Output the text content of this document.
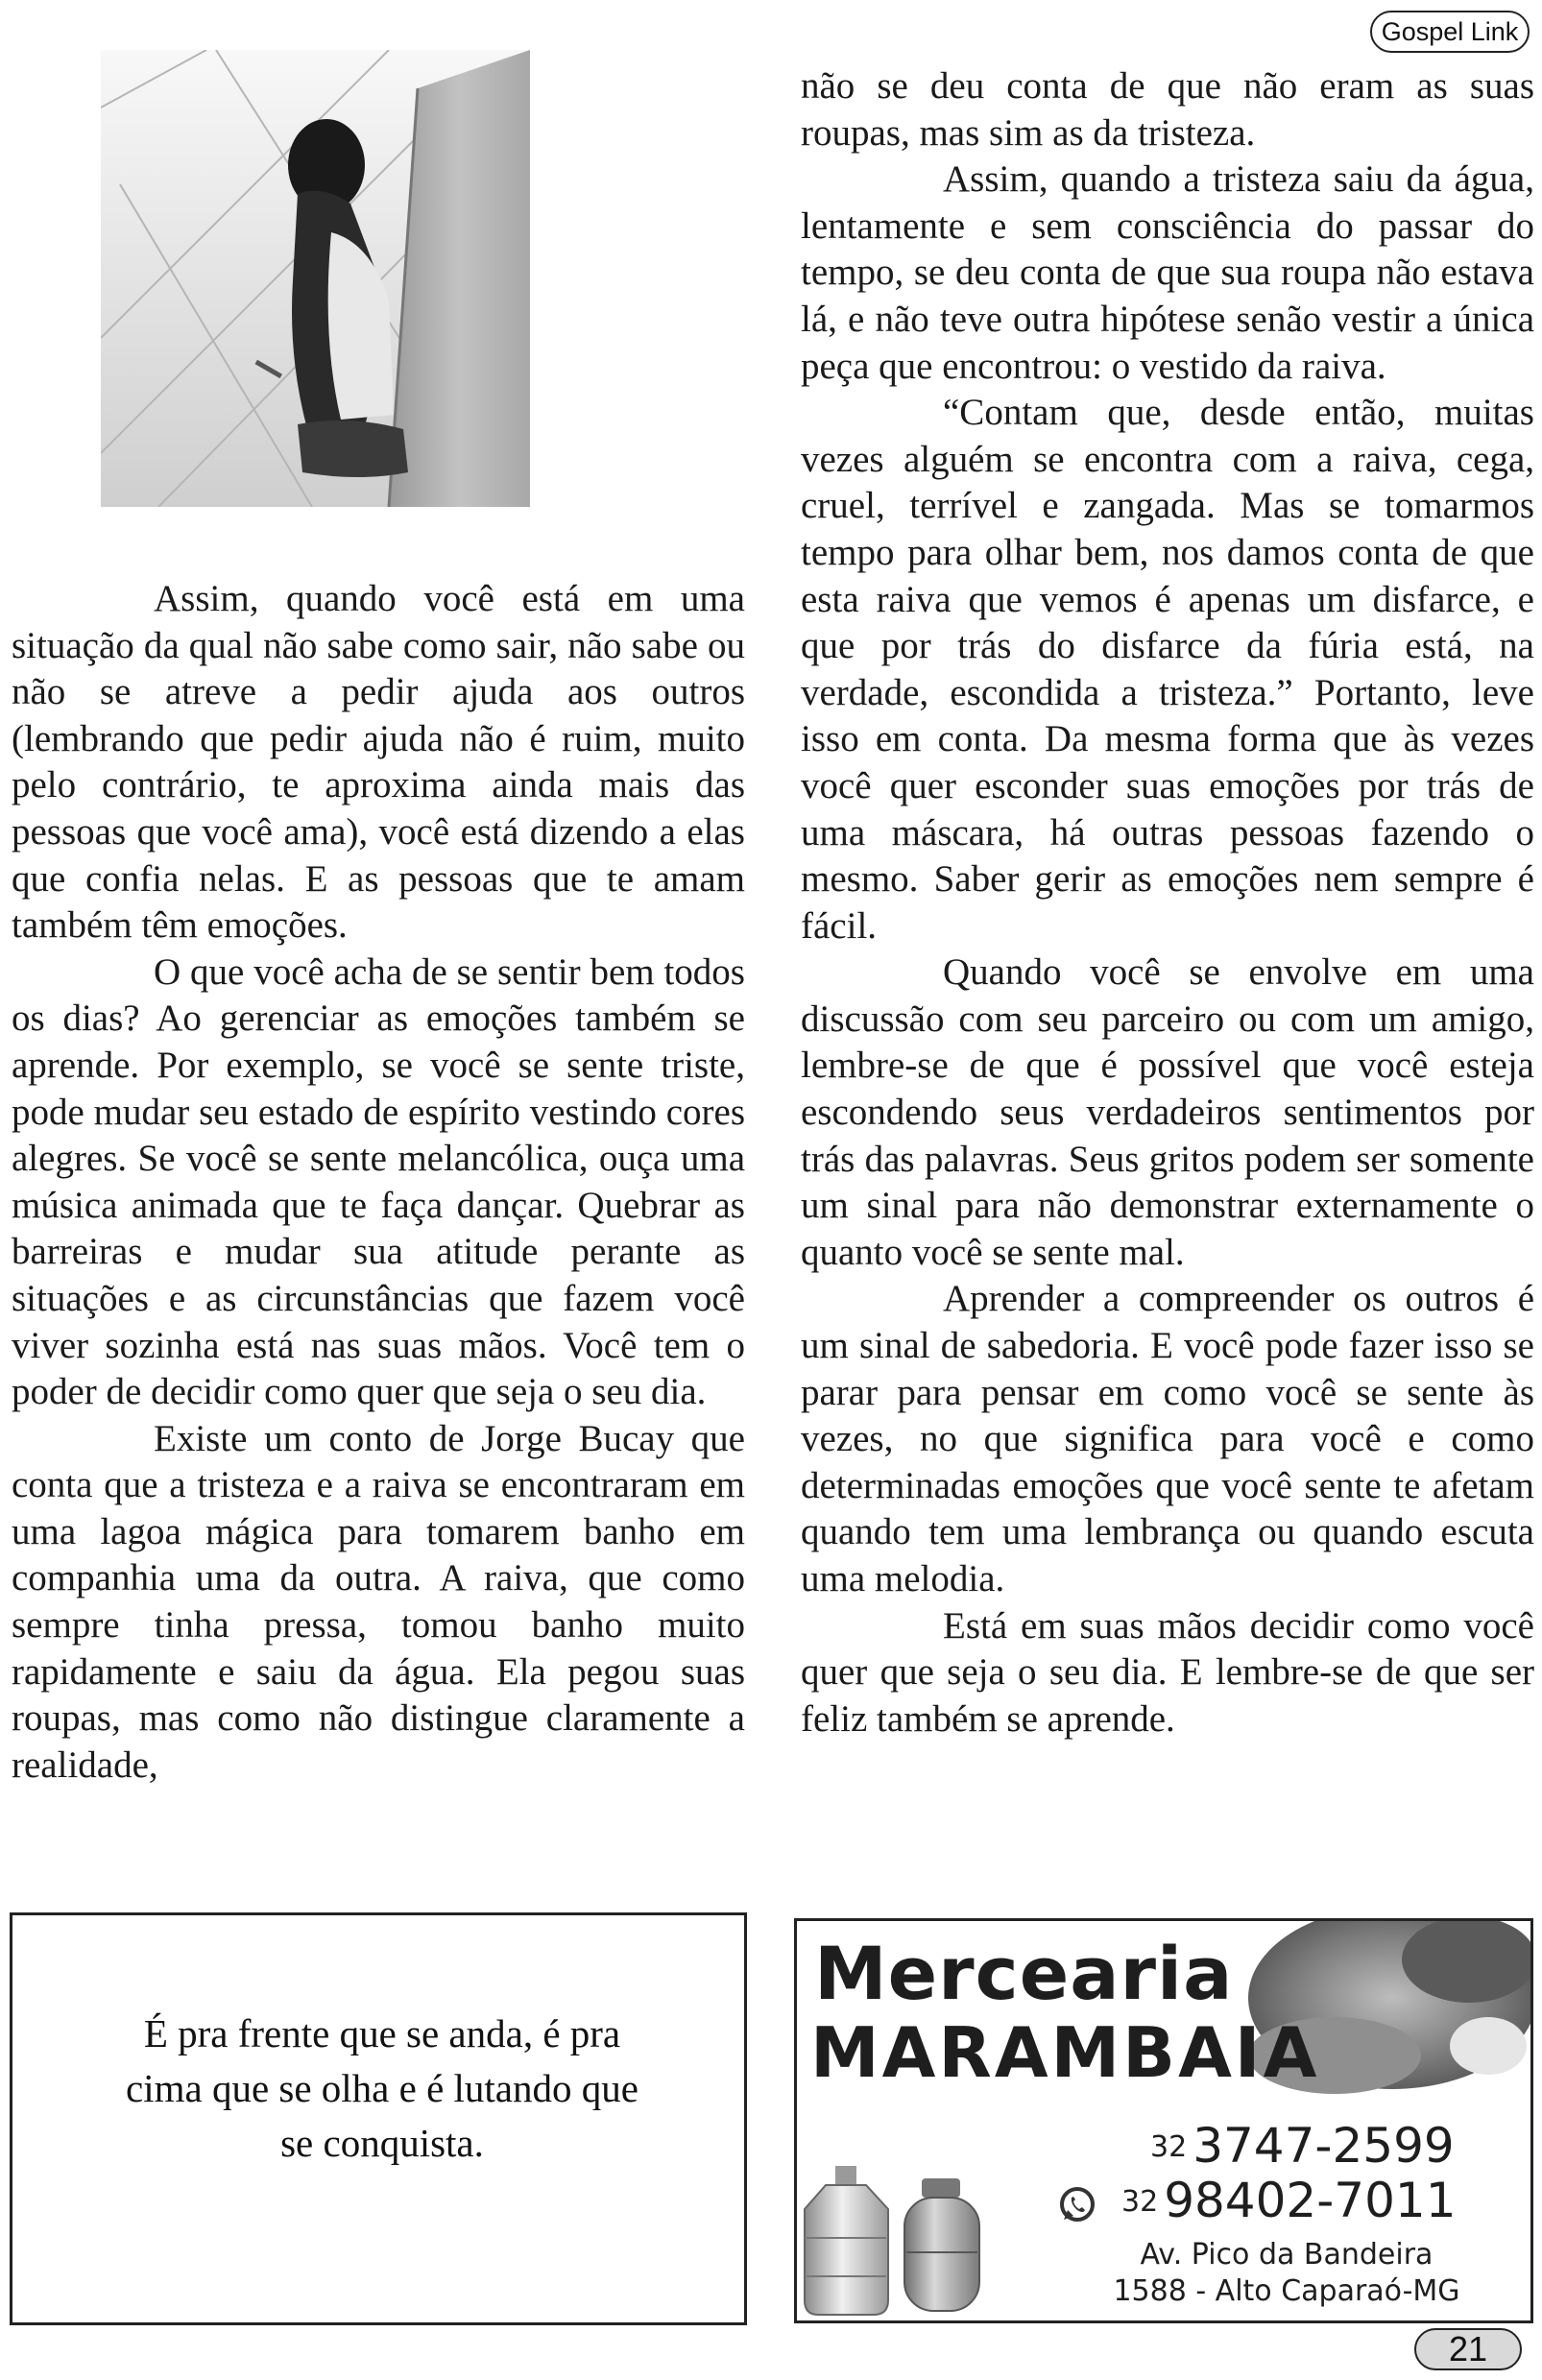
Gospel Link

Assim, quando você está em uma situação da qual não sabe como sair, não sabe ou não se atreve a pedir ajuda aos outros (lembrando que pedir ajuda não é ruim, muito pelo contrário, te aproxima ainda mais das pessoas que você ama), você está dizendo a elas que confia nelas. E as pessoas que te amam também têm emoções.

O que você acha de se sentir bem todos os dias? Ao gerenciar as emoções também se aprende. Por exemplo, se você se sente triste, pode mudar seu estado de espírito vestindo cores alegres. Se você se sente melancólica, ouça uma música animada que te faça dançar. Quebrar as barreiras e mudar sua atitude perante as situações e as circunstâncias que fazem você viver sozinha está nas suas mãos. Você tem o poder de decidir como quer que seja o seu dia.

Existe um conto de Jorge Bucay que conta que a tristeza e a raiva se encontraram em uma lagoa mágica para tomarem banho em companhia uma da outra. A raiva, que como sempre tinha pressa, tomou banho muito rapidamente e saiu da água. Ela pegou suas roupas, mas como não distingue claramente a realidade,

não se deu conta de que não eram as suas roupas, mas sim as da tristeza.

Assim, quando a tristeza saiu da água, lentamente e sem consciência do passar do tempo, se deu conta de que sua roupa não estava lá, e não teve outra hipótese senão vestir a única peça que encontrou: o vestido da raiva.

“Contam que, desde então, muitas vezes alguém se encontra com a raiva, cega, cruel, terrível e zangada. Mas se tomarmos tempo para olhar bem, nos damos conta de que esta raiva que vemos é apenas um disfarce, e que por trás do disfarce da fúria está, na verdade, escondida a tristeza.” Portanto, leve isso em conta. Da mesma forma que às vezes você quer esconder suas emoções por trás de uma máscara, há outras pessoas fazendo o mesmo. Saber gerir as emoções nem sempre é fácil.

Quando você se envolve em uma discussão com seu parceiro ou com um amigo, lembre-se de que é possível que você esteja escondendo seus verdadeiros sentimentos por trás das palavras. Seus gritos podem ser somente um sinal para não demonstrar externamente o quanto você se sente mal.

Aprender a compreender os outros é um sinal de sabedoria. E você pode fazer isso se parar para pensar em como você se sente às vezes, no que significa para você e como determinadas emoções que você sente te afetam quando tem uma lembrança ou quando escuta uma melodia.

Está em suas mãos decidir como você quer que seja o seu dia. E lembre-se de que ser feliz também se aprende.

É pra frente que se anda, é pra
cima que se olha e é lutando que
se conquista.
Mercearia
MARAMBAIA
32 3747-2599
32 98402-7011
Av. Pico da Bandeira
1588 - Alto Caparaó-MG
21
